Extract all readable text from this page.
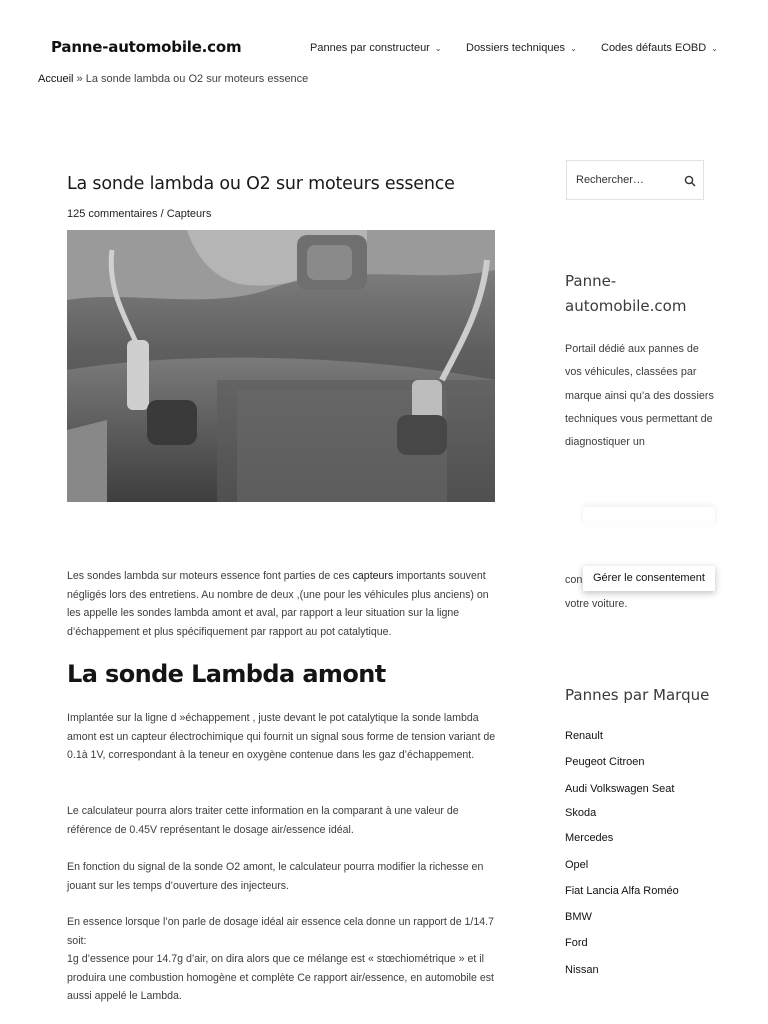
Panne-automobile.com	Pannes par constructeur ⌄ Dossiers techniques ⌄ Codes défauts EOBD ⌄
Accueil » La sonde lambda ou O2 sur moteurs essence
La sonde lambda ou O2 sur moteurs essence
125 commentaires / Capteurs

Les sondes lambda sur moteurs essence font parties de ces capteurs importants souvent négligés lors des entretiens. Au nombre de deux ,(une pour les véhicules plus anciens) on les appelle les sondes lambda amont et aval, par rapport a leur situation sur la ligne d’échappement et plus spécifiquement par rapport au pot catalytique.

La sonde Lambda amont

Implantée sur la ligne d »échappement , juste devant le pot catalytique la sonde lambda amont est un capteur électrochimique qui fournit un signal sous forme de tension variant de 0.1à 1V, correspondant à la teneur en oxygène contenue dans les gaz d’échappement.

Le calculateur pourra alors traiter cette information en la comparant à une valeur de référence de 0.45V représentant le dosage air/essence idéal.

En fonction du signal de la sonde O2 amont, le calculateur pourra modifier la richesse en jouant sur les temps d’ouverture des injecteurs.

En essence lorsque l’on parle de dosage idéal air essence cela donne un rapport de 1/14.7 soit:
1g d’essence pour 14.7g d’air, on dira alors que ce mélange est « stœchiométrique » et il produira une combustion homogène et complète Ce rapport air/essence, en automobile est aussi appelé le Lambda.

Rechercher…
Panne-automobile.com

Portail dédié aux pannes de vos véhicules, classées par marque ainsi qu’a des dossiers techniques vous permettant de diagnostiquer un

con
votre voiture.

Gérer le consentement
Pannes par Marque
Renault
Peugeot Citroen
Audi Volkswagen Seat
Skoda
Mercedes
Opel
Fiat Lancia Alfa Roméo
BMW
Ford
Nissan
